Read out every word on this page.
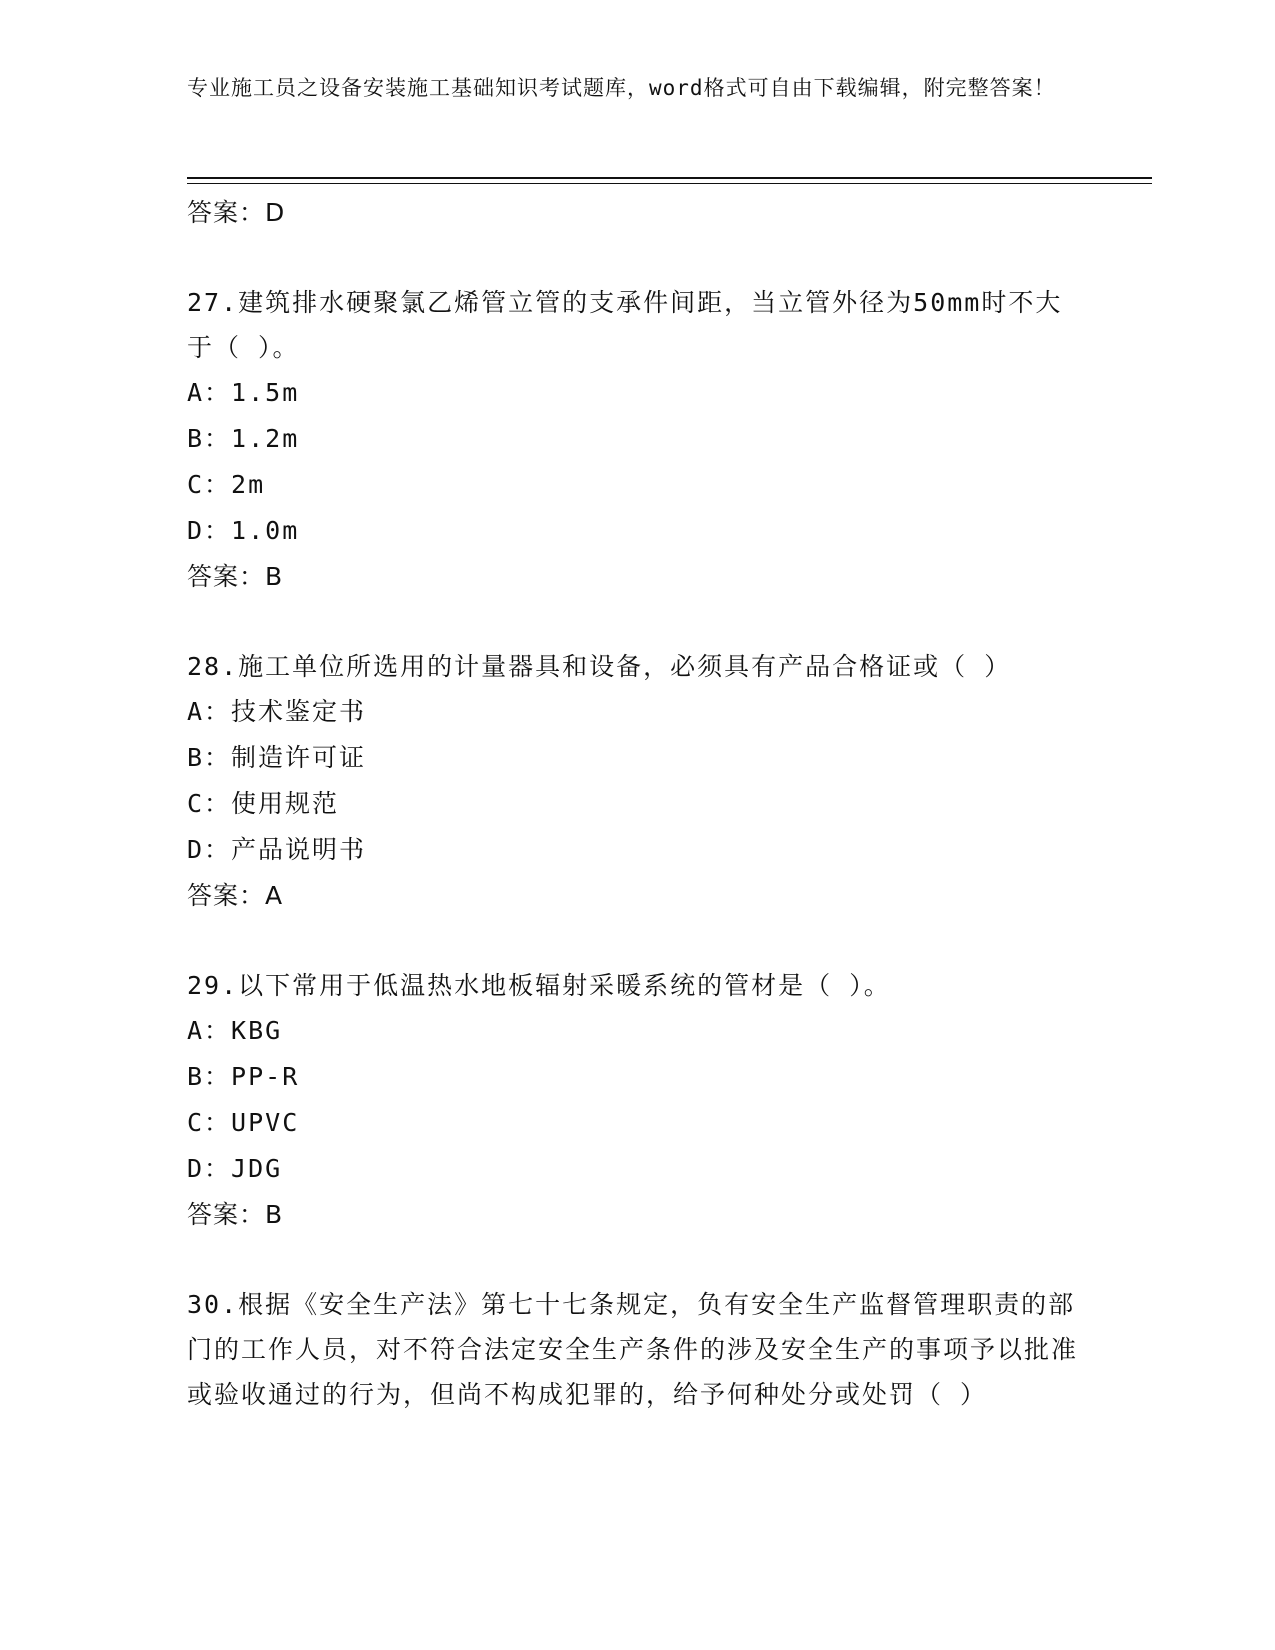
专业施工员之设备安装施工基础知识考试题库，word格式可自由下载编辑，附完整答案！
答案：D
27.建筑排水硬聚氯乙烯管立管的支承件间距，当立管外径为50mm时不大于（ ）。
A：1.5m
B：1.2m
C：2m
D：1.0m
答案：B
28.施工单位所选用的计量器具和设备，必须具有产品合格证或（ ）
A：技术鉴定书
B：制造许可证
C：使用规范
D：产品说明书
答案：A
29.以下常用于低温热水地板辐射采暖系统的管材是（ ）。
A：KBG
B：PP-R
C：UPVC
D：JDG
答案：B
30.根据《安全生产法》第七十七条规定，负有安全生产监督管理职责的部门的工作人员，对不符合法定安全生产条件的涉及安全生产的事项予以批准或验收通过的行为，但尚不构成犯罪的，给予何种处分或处罚（ ）
